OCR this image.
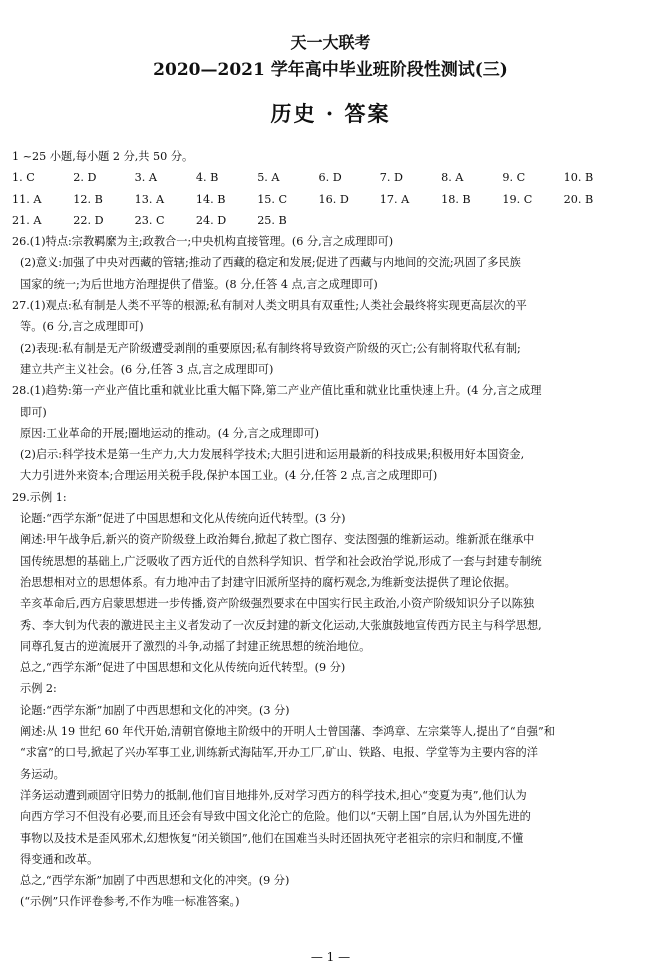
天一大联考
2020—2021 学年高中毕业班阶段性测试(三)
历史 · 答案

1 ~25 小题,每小题 2 分,共 50 分。

1. C	2. D	3. A	4. B	5. A	6. D	7. D	8. A	9. C	10. B
11. A	12. B	13. A	14. B	15. C	16. D	17. A	18. B	19. C	20. B
21. A	22. D	23. C	24. D	25. B

26.(1)特点:宗教羁縻为主;政教合一;中央机构直接管理。(6 分,言之成理即可)

(2)意义:加强了中央对西藏的管辖;推动了西藏的稳定和发展;促进了西藏与内地间的交流;巩固了多民族

国家的统一;为后世地方治理提供了借鉴。(8 分,任答 4 点,言之成理即可)

27.(1)观点:私有制是人类不平等的根源;私有制对人类文明具有双重性;人类社会最终将实现更高层次的平

等。(6 分,言之成理即可)

(2)表现:私有制是无产阶级遭受剥削的重要原因;私有制终将导致资产阶级的灭亡;公有制将取代私有制;

建立共产主义社会。(6 分,任答 3 点,言之成理即可)

28.(1)趋势:第一产业产值比重和就业比重大幅下降,第二产业产值比重和就业比重快速上升。(4 分,言之成理

即可)

原因:工业革命的开展;圈地运动的推动。(4 分,言之成理即可)

(2)启示:科学技术是第一生产力,大力发展科学技术;大胆引进和运用最新的科技成果;积极用好本国资金,

大力引进外来资本;合理运用关税手段,保护本国工业。(4 分,任答 2 点,言之成理即可)

29.示例 1:

论题:“西学东渐”促进了中国思想和文化从传统向近代转型。(3 分)

阐述:甲午战争后,新兴的资产阶级登上政治舞台,掀起了救亡图存、变法图强的维新运动。维新派在继承中

国传统思想的基础上,广泛吸收了西方近代的自然科学知识、哲学和社会政治学说,形成了一套与封建专制统

治思想相对立的思想体系。有力地冲击了封建守旧派所坚持的腐朽观念,为维新变法提供了理论依据。

辛亥革命后,西方启蒙思想进一步传播,资产阶级强烈要求在中国实行民主政治,小资产阶级知识分子以陈独

秀、李大钊为代表的激进民主主义者发动了一次反封建的新文化运动,大张旗鼓地宣传西方民主与科学思想,

同尊孔复古的逆流展开了激烈的斗争,动摇了封建正统思想的统治地位。

总之,“西学东渐”促进了中国思想和文化从传统向近代转型。(9 分)

示例 2:

论题:“西学东渐”加剧了中西思想和文化的冲突。(3 分)

阐述:从 19 世纪 60 年代开始,清朝官僚地主阶级中的开明人士曾国藩、李鸿章、左宗棠等人,提出了“自强”和

“求富”的口号,掀起了兴办军事工业,训练新式海陆军,开办工厂,矿山、铁路、电报、学堂等为主要内容的洋

务运动。

洋务运动遭到顽固守旧势力的抵制,他们盲目地排外,反对学习西方的科学技术,担心“变夏为夷”,他们认为

向西方学习不但没有必要,而且还会有导致中国文化沦亡的危险。他们以“天朝上国”自居,认为外国先进的

事物以及技术是歪风邪术,幻想恢复“闭关锁国”,他们在国难当头时还固执死守老祖宗的宗归和制度,不懂

得变通和改革。

总之,“西学东渐”加剧了中西思想和文化的冲突。(9 分)

(“示例”只作评卷参考,不作为唯一标准答案。)

— 1 —
